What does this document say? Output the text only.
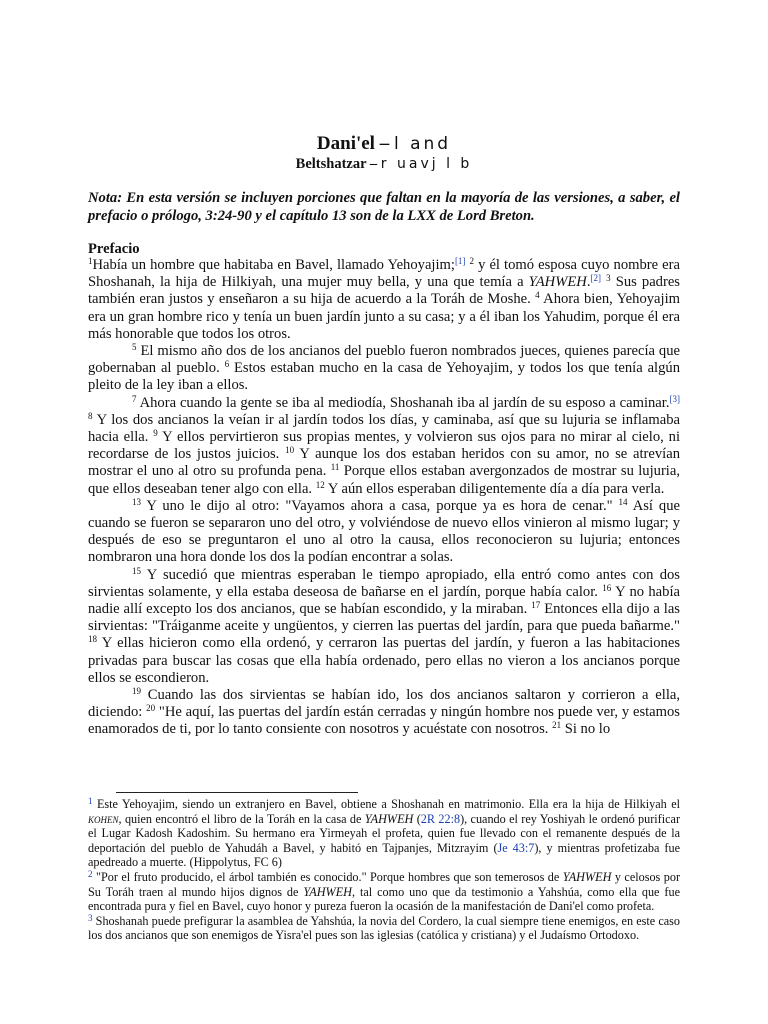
Dani'el – l and
Beltshatzar – r uavj l b
Nota: En esta versión se incluyen porciones que faltan en la mayoría de las versiones, a saber, el prefacio o prólogo, 3:24-90 y el capítulo 13 son de la LXX de Lord Breton.
Prefacio

$^1$Había un hombre que habitaba en Bavel, llamado Yehoyajim;[1] $^2$ y él tomó esposa cuyo nombre era Shoshanah, la hija de Hilkiyah, una mujer muy bella, y una que temía a YAHWEH.[2] $^3$ Sus padres también eran justos y enseñaron a su hija de acuerdo a la Toráh de Moshe. $^4$ Ahora bien, Yehoyajim era un gran hombre rico y tenía un buen jardín junto a su casa; y a él iban los Yahudim, porque él era más honorable que todos los otros.

$^5$ El mismo año dos de los ancianos del pueblo fueron nombrados jueces, quienes parecía que gobernaban al pueblo. $^6$ Estos estaban mucho en la casa de Yehoyajim, y todos los que tenía algún pleito de la ley iban a ellos.

$^7$ Ahora cuando la gente se iba al mediodía, Shoshanah iba al jardín de su esposo a caminar.[3] $^8$ Y los dos ancianos la veían ir al jardín todos los días, y caminaba, así que su lujuria se inflamaba hacia ella. $^9$ Y ellos pervirtieron sus propias mentes, y volvieron sus ojos para no mirar al cielo, ni recordarse de los justos juicios. $^{10}$ Y aunque los dos estaban heridos con su amor, no se atrevían mostrar el uno al otro su profunda pena. $^{11}$ Porque ellos estaban avergonzados de mostrar su lujuria, que ellos deseaban tener algo con ella. $^{12}$ Y aún ellos esperaban diligentemente día a día para verla.

$^{13}$ Y uno le dijo al otro: "Vayamos ahora a casa, porque ya es hora de cenar." $^{14}$ Así que cuando se fueron se separaron uno del otro, y volviéndose de nuevo ellos vinieron al mismo lugar; y después de eso se preguntaron el uno al otro la causa, ellos reconocieron su lujuria; entonces nombraron una hora donde los dos la podían encontrar a solas.

$^{15}$ Y sucedió que mientras esperaban le tiempo apropiado, ella entró como antes con dos sirvientas solamente, y ella estaba deseosa de bañarse en el jardín, porque había calor. $^{16}$ Y no había nadie allí excepto los dos ancianos, que se habían escondido, y la miraban. $^{17}$ Entonces ella dijo a las sirvientas: "Tráiganme aceite y ungüentos, y cierren las puertas del jardín, para que pueda bañarme." $^{18}$ Y ellas hicieron como ella ordenó, y cerraron las puertas del jardín, y fueron a las habitaciones privadas para buscar las cosas que ella había ordenado, pero ellas no vieron a los ancianos porque ellos se escondieron.

$^{19}$ Cuando las dos sirvientas se habían ido, los dos ancianos saltaron y corrieron a ella, diciendo: $^{20}$ "He aquí, las puertas del jardín están cerradas y ningún hombre nos puede ver, y estamos enamorados de ti, por lo tanto consiente con nosotros y acuéstate con nosotros. $^{21}$ Si no lo

$^1$ Este Yehoyajim, siendo un extranjero en Bavel, obtiene a Shoshanah en matrimonio. Ella era la hija de Hilkiyah el kohen, quien encontró el libro de la Toráh en la casa de YAHWEH (2R 22:8), cuando el rey Yoshiyah le ordenó purificar el Lugar Kadosh Kadoshim. Su hermano era Yirmeyah el profeta, quien fue llevado con el remanente después de la deportación del pueblo de Yahudáh a Bavel, y habitó en Tajpanjes, Mitzrayim (Je 43:7), y mientras profetizaba fue apedreado a muerte. (Hippolytus, FC 6)

$^2$ "Por el fruto producido, el árbol también es conocido." Porque hombres que son temerosos de YAHWEH y celosos por Su Toráh traen al mundo hijos dignos de YAHWEH, tal como uno que da testimonio a Yahshúa, como ella que fue encontrada pura y fiel en Bavel, cuyo honor y pureza fueron la ocasión de la manifestación de Dani'el como profeta.

$^3$ Shoshanah puede prefigurar la asamblea de Yahshúa, la novia del Cordero, la cual siempre tiene enemigos, en este caso los dos ancianos que son enemigos de Yisra'el pues son las iglesias (católica y cristiana) y el Judaísmo Ortodoxo.
